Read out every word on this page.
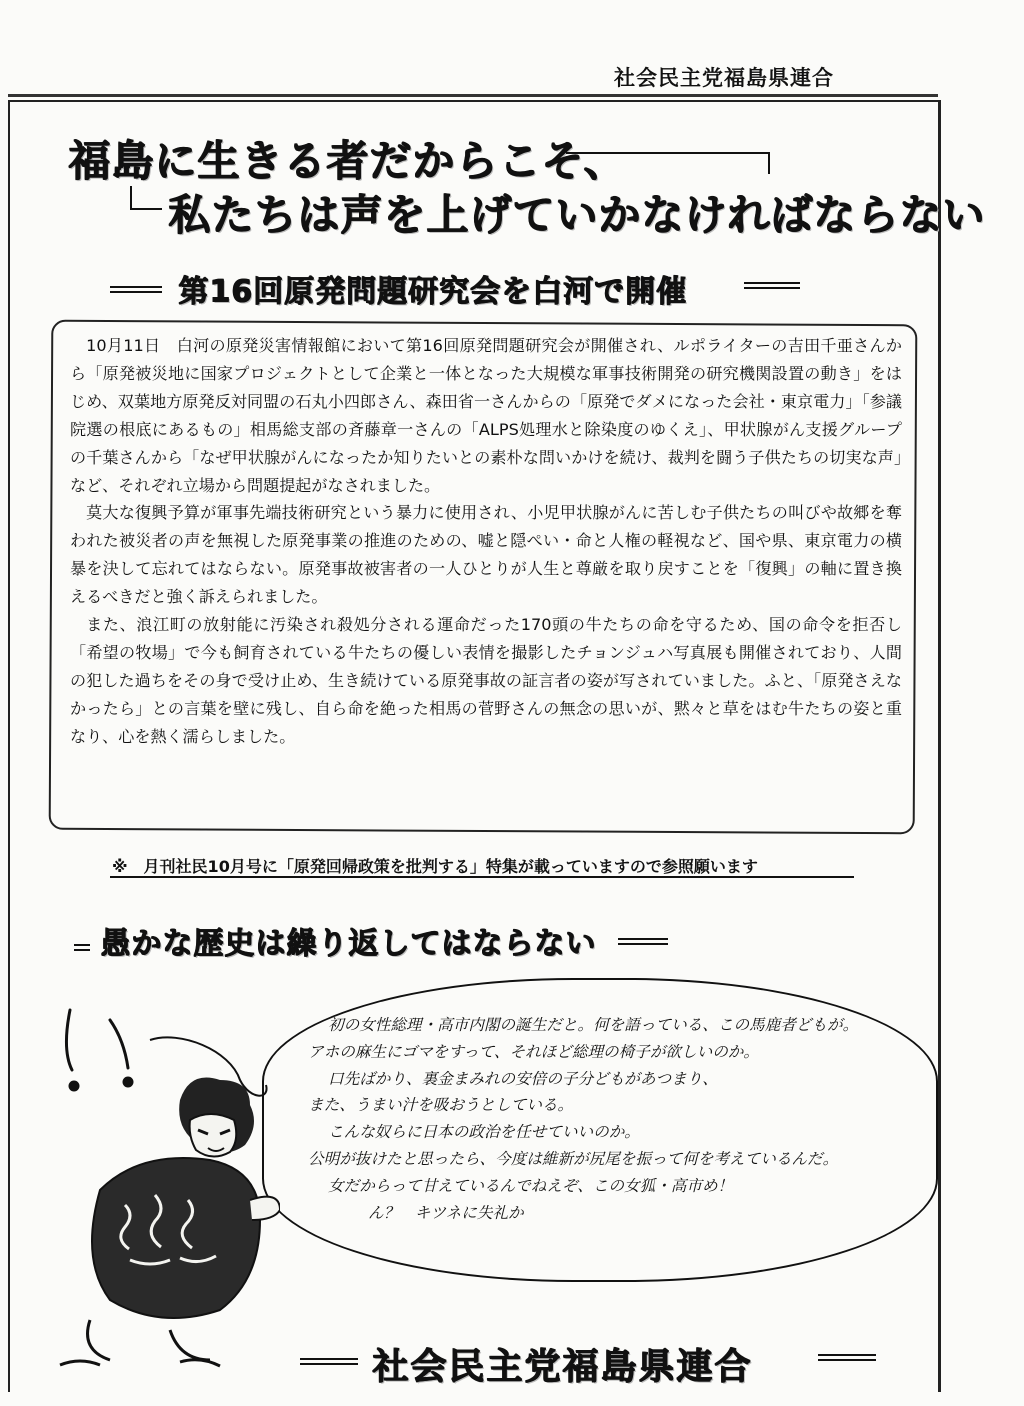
社会民主党福島県連合
福島に生きる者だからこそ、
私たちは声を上げていかなければならない
第16回原発問題研究会を白河で開催

10月11日　白河の原発災害情報館において第16回原発問題研究会が開催され、ルポライターの吉田千亜さんから「原発被災地に国家プロジェクトとして企業と一体となった大規模な軍事技術開発の研究機関設置の動き」をはじめ、双葉地方原発反対同盟の石丸小四郎さん、森田省一さんからの「原発でダメになった会社・東京電力」「参議院選の根底にあるもの」相馬総支部の斉藤章一さんの「ALPS処理水と除染度のゆくえ」、甲状腺がん支援グループの千葉さんから「なぜ甲状腺がんになったか知りたいとの素朴な問いかけを続け、裁判を闘う子供たちの切実な声」など、それぞれ立場から問題提起がなされました。

莫大な復興予算が軍事先端技術研究という暴力に使用され、小児甲状腺がんに苦しむ子供たちの叫びや故郷を奪われた被災者の声を無視した原発事業の推進のための、嘘と隠ぺい・命と人権の軽視など、国や県、東京電力の横暴を決して忘れてはならない。原発事故被害者の一人ひとりが人生と尊厳を取り戻すことを「復興」の軸に置き換えるべきだと強く訴えられました。

また、浪江町の放射能に汚染され殺処分される運命だった170頭の牛たちの命を守るため、国の命令を拒否し「希望の牧場」で今も飼育されている牛たちの優しい表情を撮影したチョンジュハ写真展も開催されており、人間の犯した過ちをその身で受け止め、生き続けている原発事故の証言者の姿が写されていました。ふと、「原発さえなかったら」との言葉を壁に残し、自ら命を絶った相馬の菅野さんの無念の思いが、黙々と草をはむ牛たちの姿と重なり、心を熱く濡らしました。

※　月刊社民10月号に「原発回帰政策を批判する」特集が載っていますので参照願います
愚かな歴史は繰り返してはならない
初の女性総理・高市内閣の誕生だと。何を語っている、この馬鹿者どもが。
アホの麻生にゴマをすって、それほど総理の椅子が欲しいのか。
口先ばかり、裏金まみれの安倍の子分どもがあつまり、
また、うまい汁を吸おうとしている。
こんな奴らに日本の政治を任せていいのか。
公明が抜けたと思ったら、今度は維新が尻尾を振って何を考えているんだ。
女だからって甘えているんでねえぞ、この女狐・高市め！
ん？　キツネに失礼か
社会民主党福島県連合
